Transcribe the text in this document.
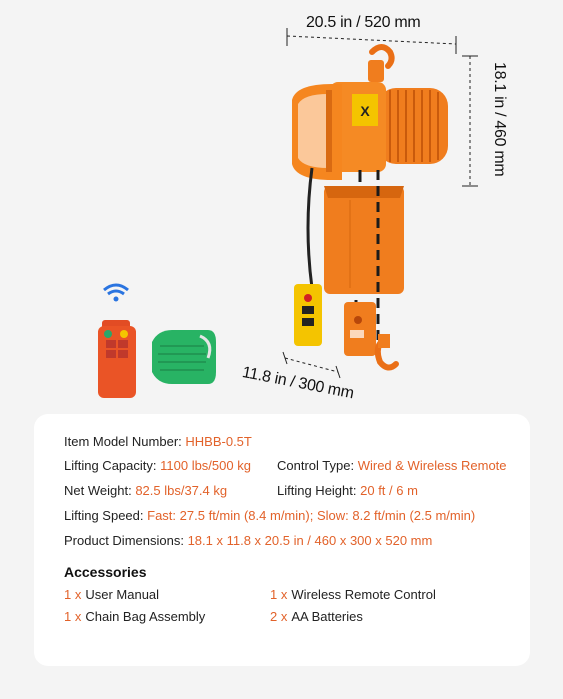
X
20.5 in / 520 mm
18.1 in / 460 mm
11.8 in / 300 mm
Item Model Number: HHBB-0.5T
Lifting Capacity: 1100 lbs/500 kg Control Type: Wired & Wireless Remote
Net Weight: 82.5 lbs/37.4 kg	Lifting Height: 20 ft / 6 m
Lifting Speed: Fast: 27.5 ft/min (8.4 m/min); Slow: 8.2 ft/min (2.5 m/min)
Product Dimensions: 18.1 x 11.8 x 20.5 in / 460 x 300 x 520 mm
Accessories
1 x User Manual	1 x Wireless Remote Control
1 x Chain Bag Assembly	2 x AA Batteries
